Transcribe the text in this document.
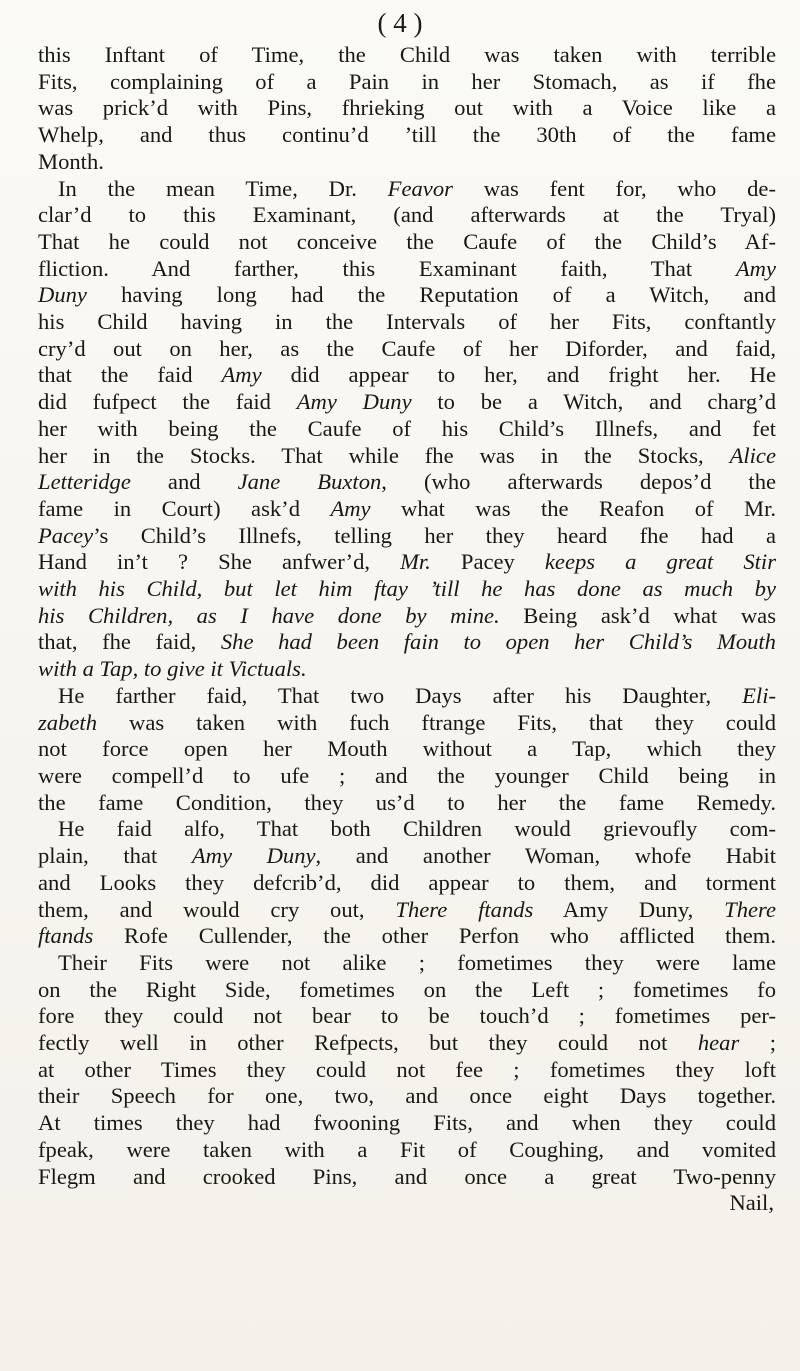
( 4 )
this Inftant of Time, the Child was taken with terrible
Fits, complaining of a Pain in her Stomach, as if fhe
was prick’d with Pins, fhrieking out with a Voice like a
Whelp, and thus continu’d ’till the 30th of the fame
Month.
In the mean Time, Dr. Feavor was fent for, who de-
clar’d to this Examinant, (and afterwards at the Tryal)
That he could not conceive the Caufe of the Child’s Af-
fliction. And farther, this Examinant faith, That Amy
Duny having long had the Reputation of a Witch, and
his Child having in the Intervals of her Fits, conftantly
cry’d out on her, as the Caufe of her Diforder, and faid,
that the faid Amy did appear to her, and fright her. He
did fufpect the faid Amy Duny to be a Witch, and charg’d
her with being the Caufe of his Child’s Illnefs, and fet
her in the Stocks. That while fhe was in the Stocks, Alice
Letteridge and Jane Buxton, (who afterwards depos’d the
fame in Court) ask’d Amy what was the Reafon of Mr.
Pacey’s Child’s Illnefs, telling her they heard fhe had a
Hand in’t ? She anfwer’d, Mr. Pacey keeps a great Stir
with his Child, but let him ftay ’till he has done as much by
his Children, as I have done by mine. Being ask’d what was
that, fhe faid, She had been fain to open her Child’s Mouth
with a Tap, to give it Victuals.
He farther faid, That two Days after his Daughter, Eli-
zabeth was taken with fuch ftrange Fits, that they could
not force open her Mouth without a Tap, which they
were compell’d to ufe ; and the younger Child being in
the fame Condition, they us’d to her the fame Remedy.
He faid alfo, That both Children would grievoufly com-
plain, that Amy Duny, and another Woman, whofe Habit
and Looks they defcrib’d, did appear to them, and torment
them, and would cry out, There ftands Amy Duny, There
ftands Rofe Cullender, the other Perfon who afflicted them.
Their Fits were not alike ; fometimes they were lame
on the Right Side, fometimes on the Left ; fometimes fo
fore they could not bear to be touch’d ; fometimes per-
fectly well in other Refpects, but they could not hear ;
at other Times they could not fee ; fometimes they loft
their Speech for one, two, and once eight Days together.
At times they had fwooning Fits, and when they could
fpeak, were taken with a Fit of Coughing, and vomited
Flegm and crooked Pins, and once a great Two-penny
Nail,
